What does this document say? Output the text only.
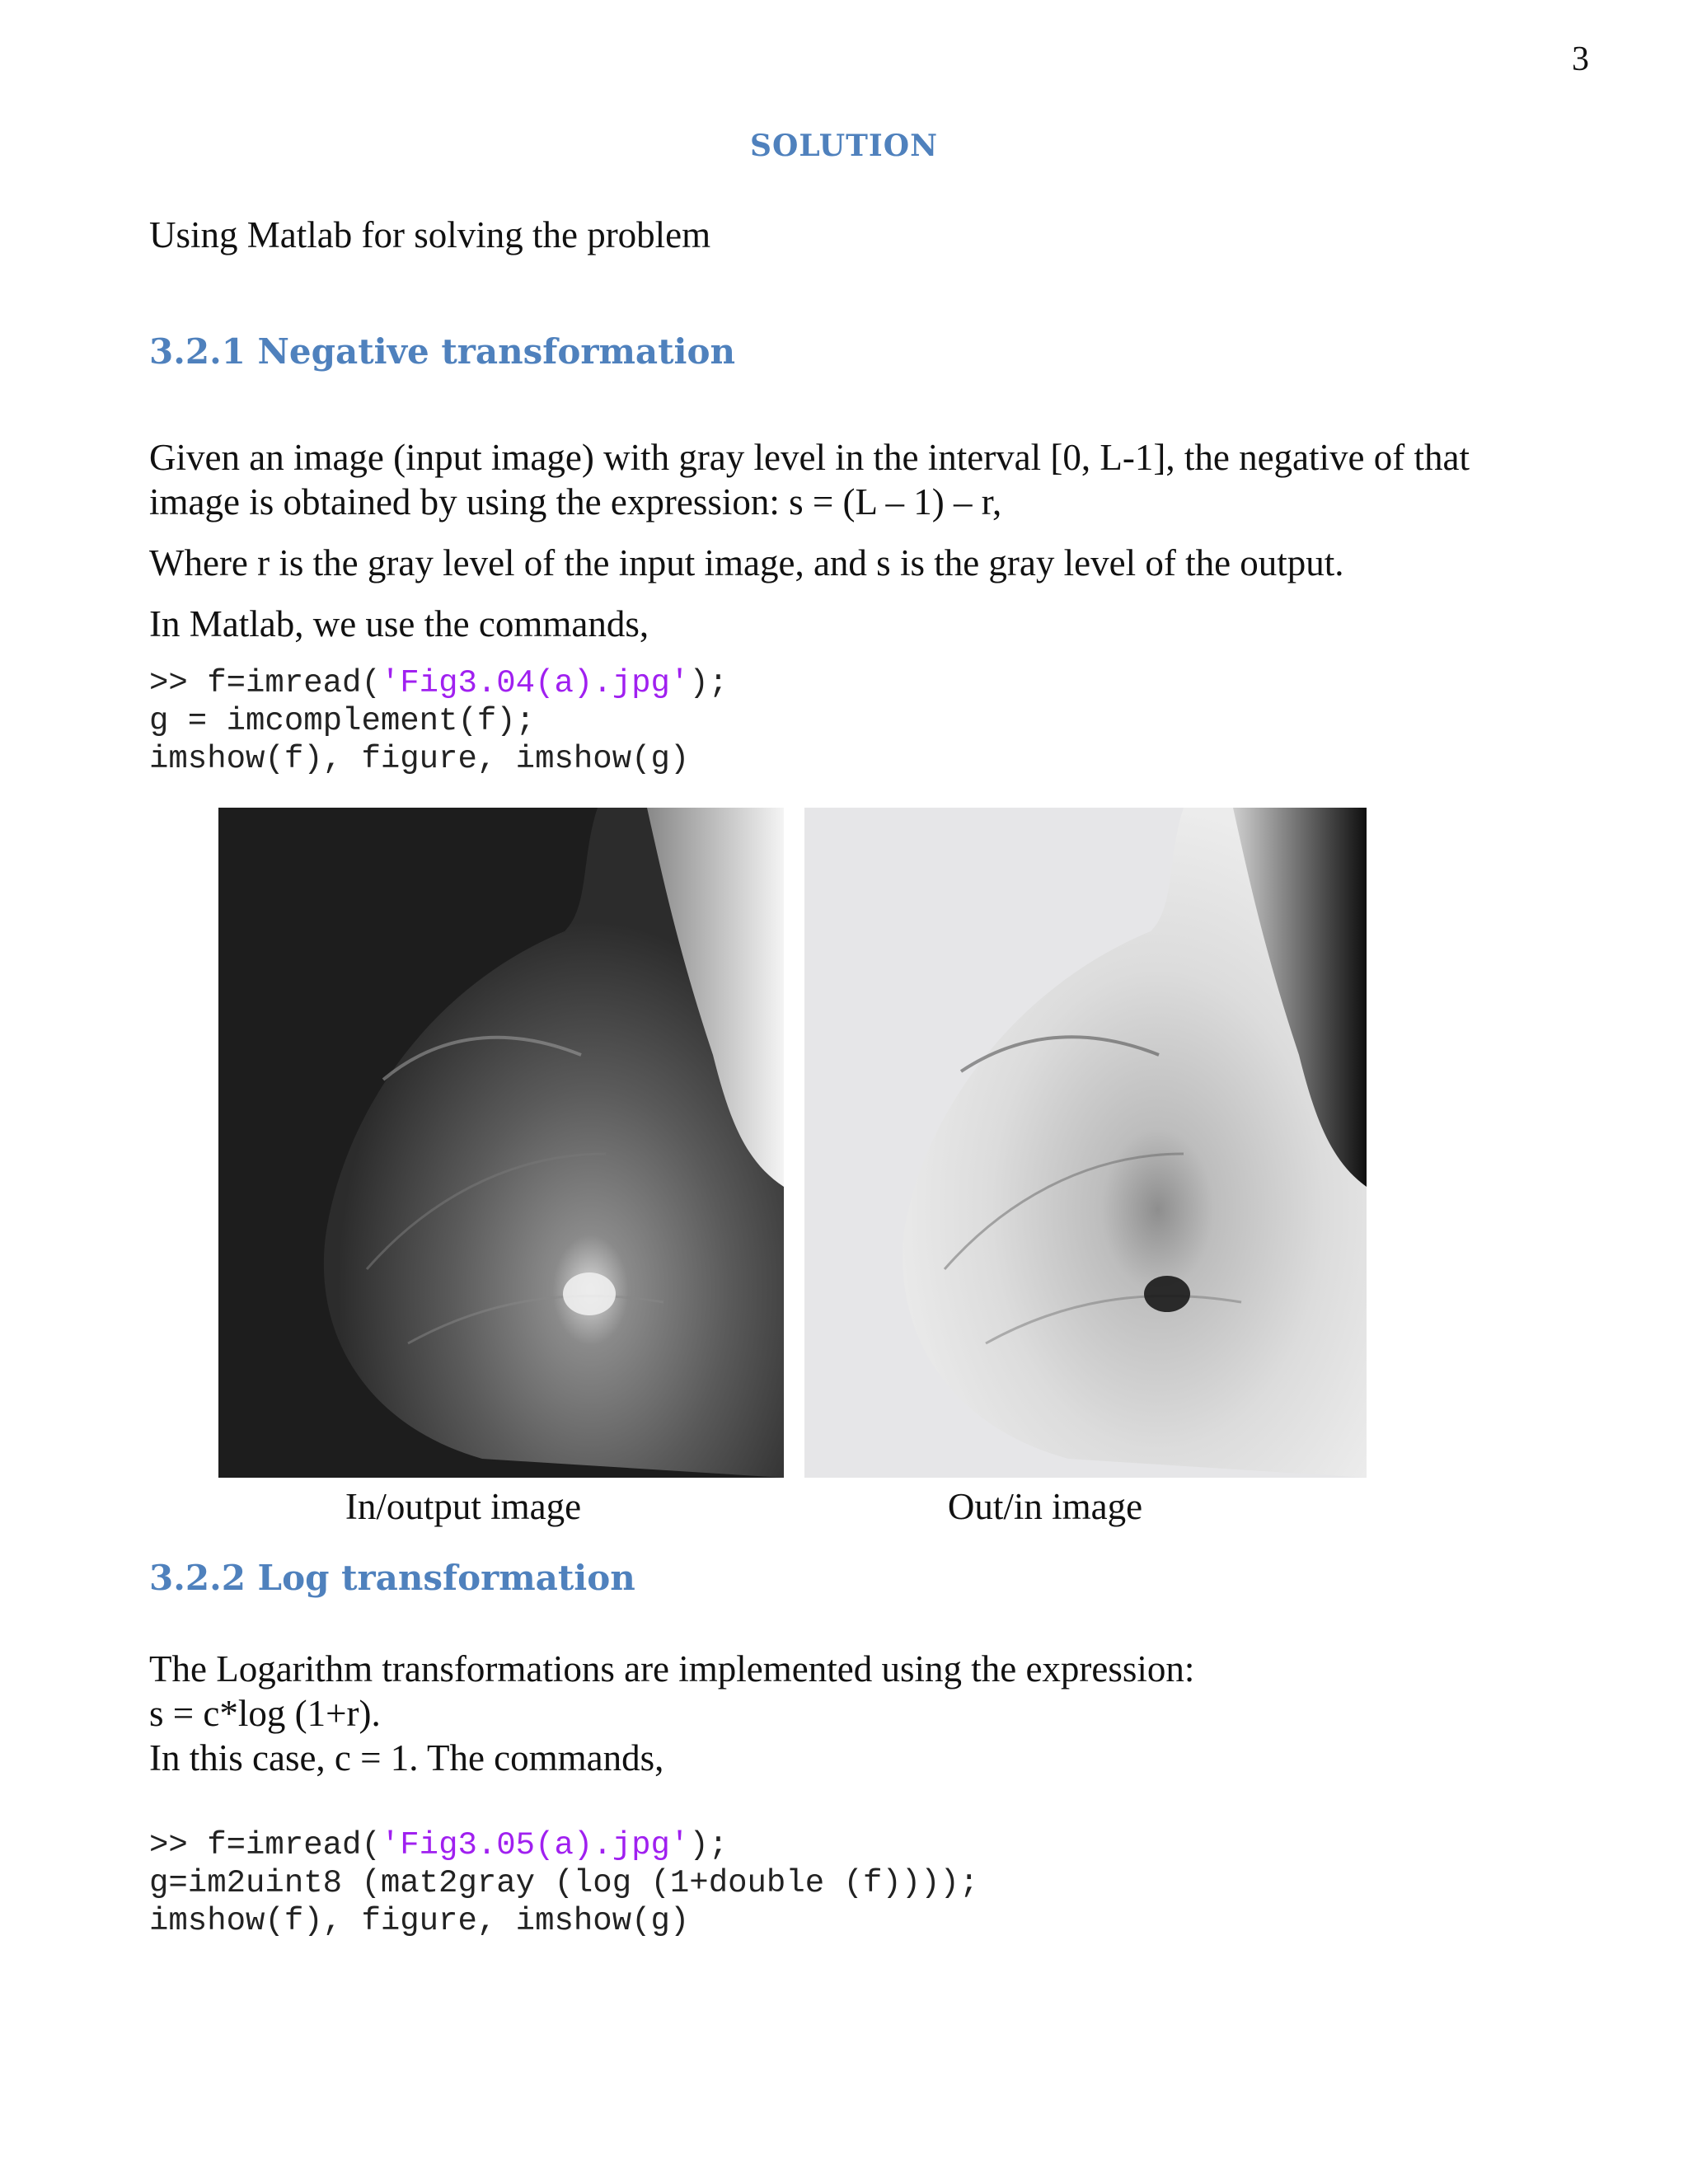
3
SOLUTION

Using Matlab for solving the problem

3.2.1 Negative transformation

Given an image (input image) with gray level in the interval [0, L-1], the negative of that

image is obtained by using the expression: s = (L – 1) – r,

Where r is the gray level of the input image, and s is the gray level of the output.

In Matlab, we use the commands,

>> f=imread('Fig3.04(a).jpg');
g = imcomplement(f);
imshow(f), figure, imshow(g)
In/output image	Out/in image
3.2.2 Log transformation

The Logarithm transformations are implemented using the expression:

s = c*log (1+r).

In this case, c = 1. The commands,

>> f=imread('Fig3.05(a).jpg');
g=im2uint8 (mat2gray (log (1+double (f))));
imshow(f), figure, imshow(g)
